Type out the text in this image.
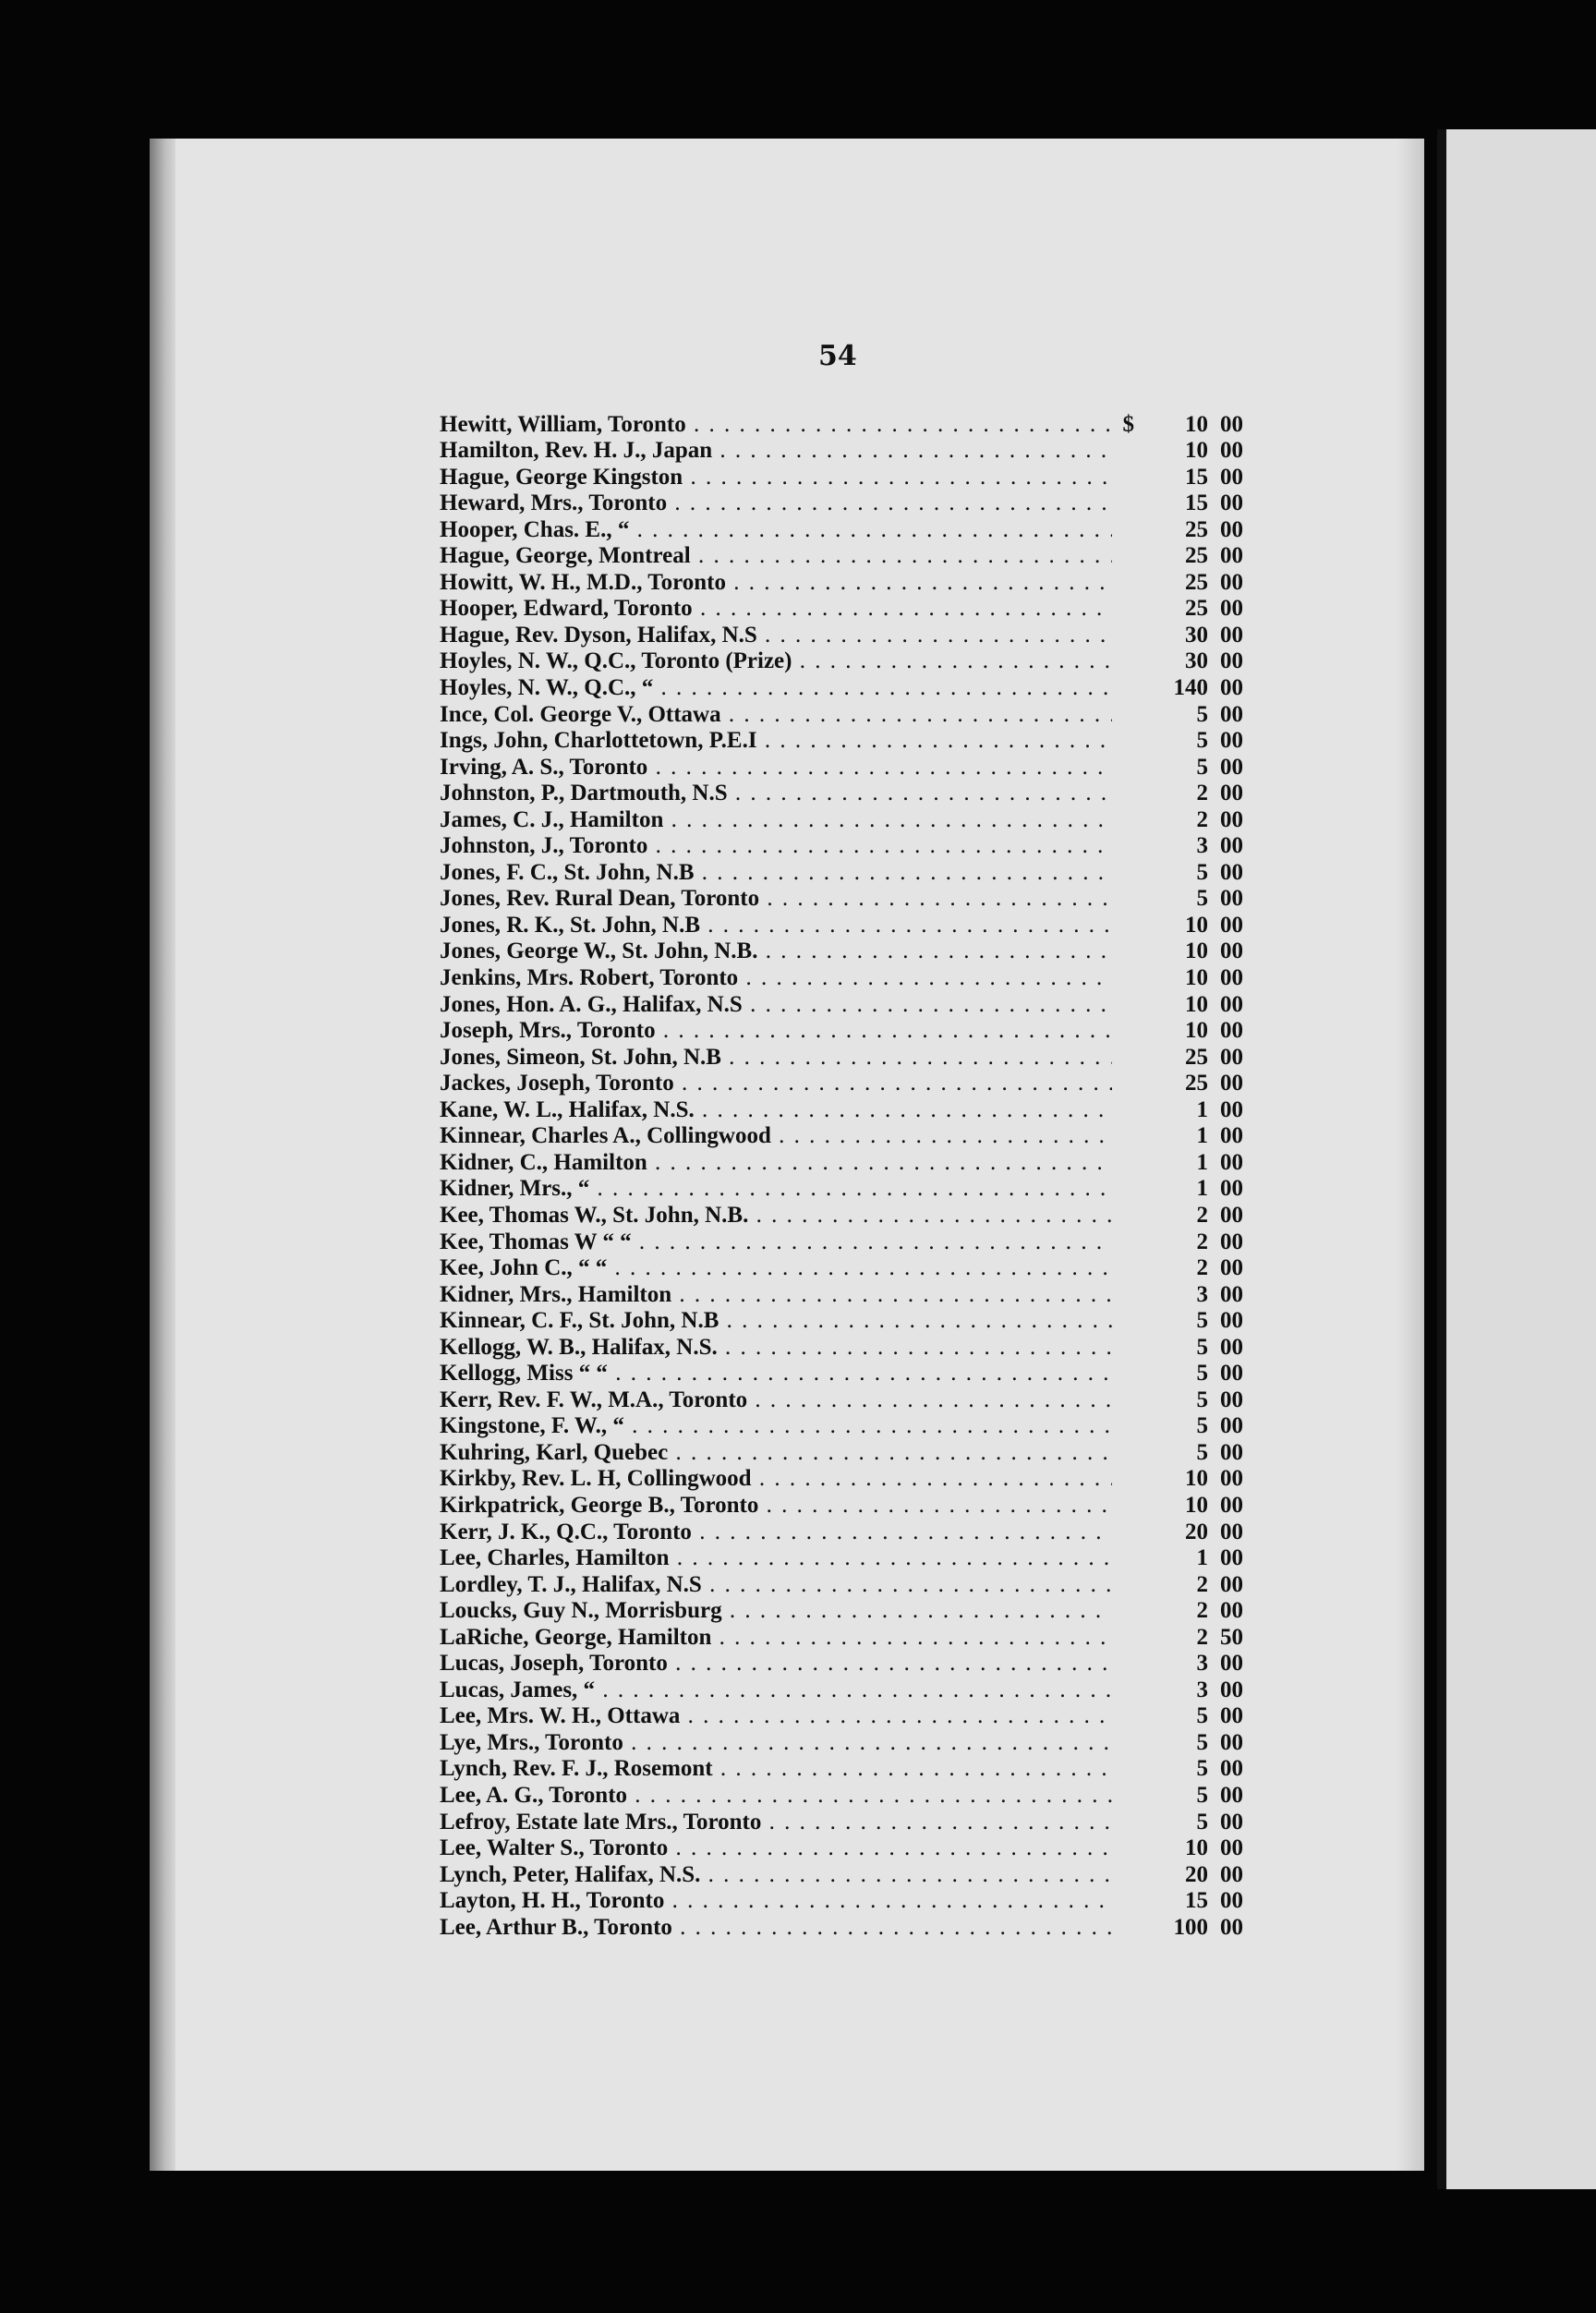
54
Hewitt, William, Toronto . . .	$	10 00
Hamilton, Rev. H. J., Japan . . .	10 00
Hague, George Kingston . . .	15 00
Heward, Mrs., Toronto . . .	15 00
Hooper, Chas. E., “ . . .	25 00
Hague, George, Montreal . . .	25 00
Howitt, W. H., M.D., Toronto . . .	25 00
Hooper, Edward, Toronto . . .	25 00
Hague, Rev. Dyson, Halifax, N.S . . .	30 00
Hoyles, N. W., Q.C., Toronto (Prize) . . .	30 00
Hoyles, N. W., Q.C., “ . . .	140 00
Ince, Col. George V., Ottawa . . .	5 00
Ings, John, Charlottetown, P.E.I . . .	5 00
Irving, A. S., Toronto . . .	5 00
Johnston, P., Dartmouth, N.S . . .	2 00
James, C. J., Hamilton . . .	2 00
Johnston, J., Toronto . . .	3 00
Jones, F. C., St. John, N.B . . .	5 00
Jones, Rev. Rural Dean, Toronto . . .	5 00
Jones, R. K., St. John, N.B . . .	10 00
Jones, George W., St. John, N.B. . . .	10 00
Jenkins, Mrs. Robert, Toronto . . .	10 00
Jones, Hon. A. G., Halifax, N.S . . .	10 00
Joseph, Mrs., Toronto . . .	10 00
Jones, Simeon, St. John, N.B . . .	25 00
Jackes, Joseph, Toronto . . .	25 00
Kane, W. L., Halifax, N.S. . . .	1 00
Kinnear, Charles A., Collingwood . . .	1 00
Kidner, C., Hamilton . . .	1 00
Kidner, Mrs., “ . . .	1 00
Kee, Thomas W., St. John, N.B. . . .	2 00
Kee, Thomas W “ “ . . .	2 00
Kee, John C., “ “ . . .	2 00
Kidner, Mrs., Hamilton . . .	3 00
Kinnear, C. F., St. John, N.B . . .	5 00
Kellogg, W. B., Halifax, N.S. . . .	5 00
Kellogg, Miss “ “ . . .	5 00
Kerr, Rev. F. W., M.A., Toronto . . .	5 00
Kingstone, F. W., “ . . .	5 00
Kuhring, Karl, Quebec . . .	5 00
Kirkby, Rev. L. H, Collingwood . . .	10 00
Kirkpatrick, George B., Toronto . . .	10 00
Kerr, J. K., Q.C., Toronto . . .	20 00
Lee, Charles, Hamilton . . .	1 00
Lordley, T. J., Halifax, N.S . . .	2 00
Loucks, Guy N., Morrisburg . . .	2 00
LaRiche, George, Hamilton . . .	2 50
Lucas, Joseph, Toronto . . .	3 00
Lucas, James, “ . . .	3 00
Lee, Mrs. W. H., Ottawa . . .	5 00
Lye, Mrs., Toronto . . .	5 00
Lynch, Rev. F. J., Rosemont . . .	5 00
Lee, A. G., Toronto . . .	5 00
Lefroy, Estate late Mrs., Toronto . . .	5 00
Lee, Walter S., Toronto . . .	10 00
Lynch, Peter, Halifax, N.S. . . .	20 00
Layton, H. H., Toronto . . .	15 00
Lee, Arthur B., Toronto . . .	100 00
